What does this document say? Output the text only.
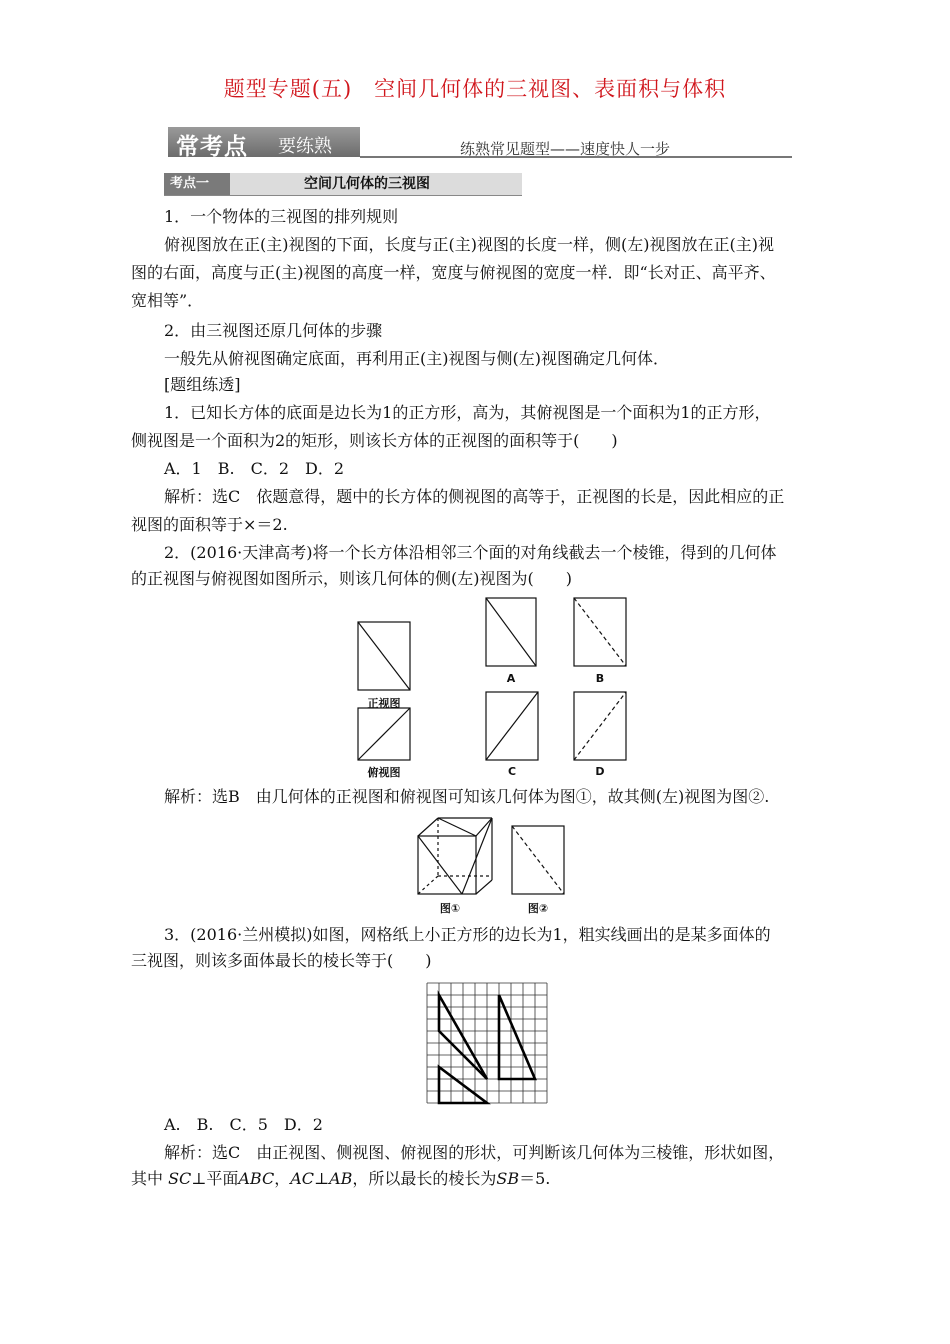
题型专题(五)　空间几何体的三视图、表面积与体积
常考点 要练熟	练熟常见题型——速度快人一步
考点一	空间几何体的三视图
1．一个物体的三视图的排列规则
俯视图放在正(主)视图的下面，长度与正(主)视图的长度一样，侧(左)视图放在正(主)视
图的右面，高度与正(主)视图的高度一样，宽度与俯视图的宽度一样．即“长对正、高平齐、
宽相等”．
2．由三视图还原几何体的步骤
一般先从俯视图确定底面，再利用正(主)视图与侧(左)视图确定几何体．
[题组练透]
1．已知长方体的底面是边长为1的正方形，高为，其俯视图是一个面积为1的正方形，
侧视图是一个面积为2的矩形，则该长方体的正视图的面积等于(　　)
A．1　B.　C．2　D．2
解析：选C　依题意得，题中的长方体的侧视图的高等于，正视图的长是，因此相应的正
视图的面积等于×＝2.
2．(2016·天津高考)将一个长方体沿相邻三个面的对角线截去一个棱锥，得到的几何体
的正视图与俯视图如图所示，则该几何体的侧(左)视图为(　　)
正视图
俯视图
A	B
C	D
解析：选B　由几何体的正视图和俯视图可知该几何体为图①，故其侧(左)视图为图②.
图①	图②
3．(2016·兰州模拟)如图，网格纸上小正方形的边长为1，粗实线画出的是某多面体的
三视图，则该多面体最长的棱长等于(　　)
A.　B.　C．5　D．2
解析：选C　由正视图、侧视图、俯视图的形状，可判断该几何体为三棱锥，形状如图，
其中 SC⊥平面ABC，AC⊥AB，所以最长的棱长为SB＝5.
